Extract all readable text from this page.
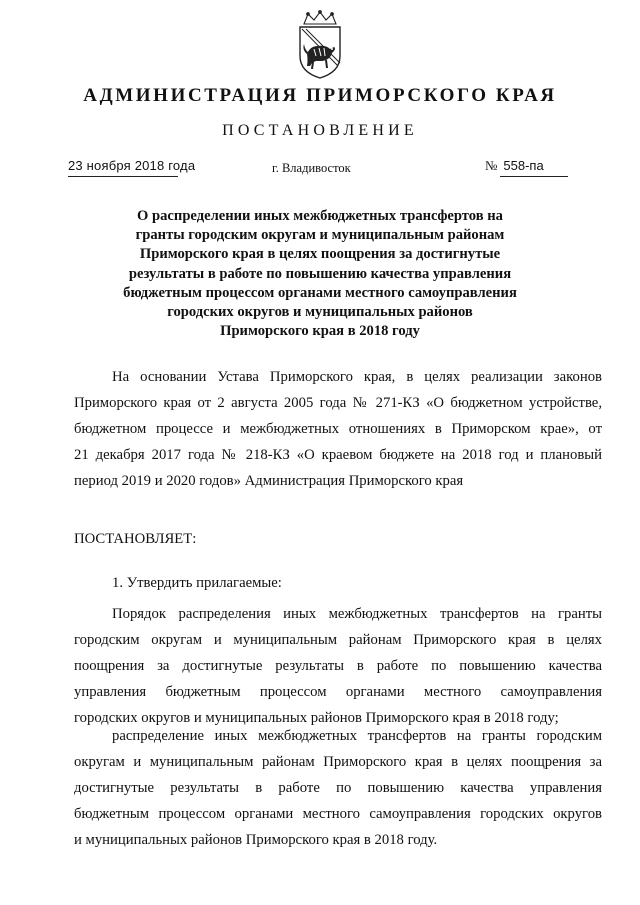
АДМИНИСТРАЦИЯ ПРИМОРСКОГО КРАЯ
ПОСТАНОВЛЕНИЕ
23 ноября 2018 года	г. Владивосток	№ 558-па
О распределении иных межбюджетных трансфертов на
гранты городским округам и муниципальным районам
Приморского края в целях поощрения за достигнутые
результаты в работе по повышению качества управления
бюджетным процессом органами местного самоуправления
городских округов и муниципальных районов
Приморского края в 2018 году
На основании Устава Приморского края, в целях реализации законов
Приморского края от 2 августа 2005 года № 271-КЗ «О бюджетном устройстве,
бюджетном процессе и межбюджетных отношениях в Приморском крае», от
21 декабря 2017 года № 218-КЗ «О краевом бюджете на 2018 год и плановый
период 2019 и 2020 годов» Администрация Приморского края
ПОСТАНОВЛЯЕТ:
1. Утвердить прилагаемые:
Порядок распределения иных межбюджетных трансфертов на гранты
городским округам и муниципальным районам Приморского края в целях
поощрения за достигнутые результаты в работе по повышению качества
управления бюджетным процессом органами местного самоуправления
городских округов и муниципальных районов Приморского края в 2018 году;
распределение иных межбюджетных трансфертов на гранты городским
округам и муниципальным районам Приморского края в целях поощрения за
достигнутые результаты в работе по повышению качества управления
бюджетным процессом органами местного самоуправления городских округов
и муниципальных районов Приморского края в 2018 году.
